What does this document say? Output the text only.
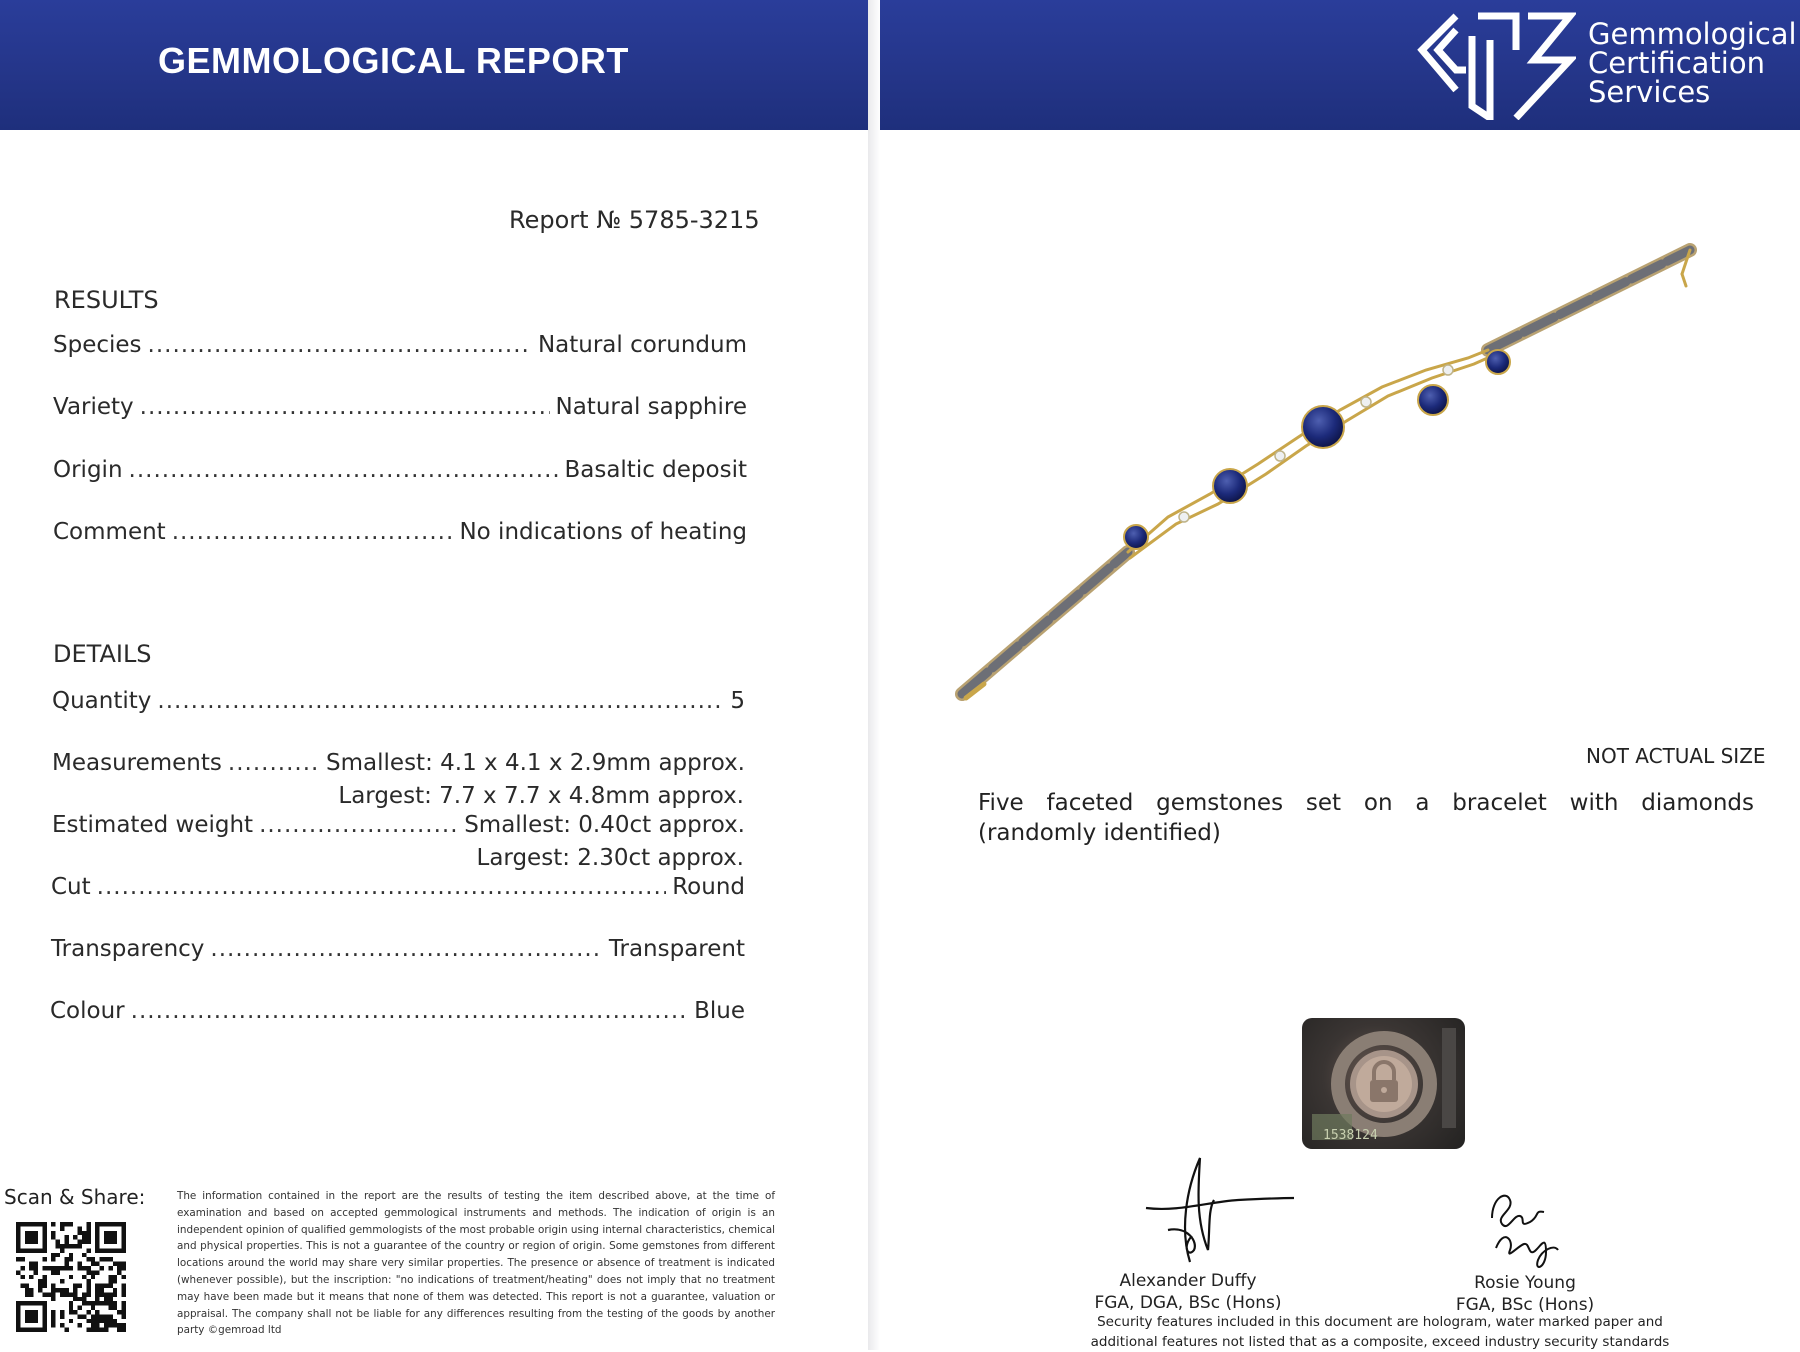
GEMMOLOGICAL REPORT
Gemmological
Certification
Services
Report № 5785-3215
RESULTS
Species .....	Natural corundum
Variety .....	Natural sapphire
Origin .....	Basaltic deposit
Comment .....	No indications of heating
DETAILS
Quantity .....	5
Measurements .....	Smallest: 4.1 x 4.1 x 2.9mm approx.
Largest: 7.7 x 7.7 x 4.8mm approx.
Estimated weight .....	Smallest: 0.40ct approx.
Largest: 2.30ct approx.
Cut .....	Round
Transparency .....	Transparent
Colour .....	Blue
Scan & Share:	The information contained in the report are the results of testing the item described above, at the time of examination and based on accepted gemmological instruments and methods. The indication of origin is an independent opinion of qualified gemmologists of the most probable origin using internal characteristics, chemical and physical properties. This is not a guarantee of the country or region of origin. Some gemstones from different locations around the world may share very similar properties. The presence or absence of treatment is indicated (whenever possible), but the inscription: "no indications of treatment/heating" does not imply that no treatment may have been made but it means that none of them was detected. This report is not a guarantee, valuation or appraisal. The company shall not be liable for any differences resulting from the testing of the goods by another party ©gemroad ltd
NOT ACTUAL SIZE
Five faceted gemstones set on a bracelet with diamonds (randomly identified)
1538124
Alexander Duffy
FGA, DGA, BSc (Hons)
Rosie Young
FGA, BSc (Hons)
Security features included in this document are hologram, water marked paper and additional features not listed that as a composite, exceed industry security standards
